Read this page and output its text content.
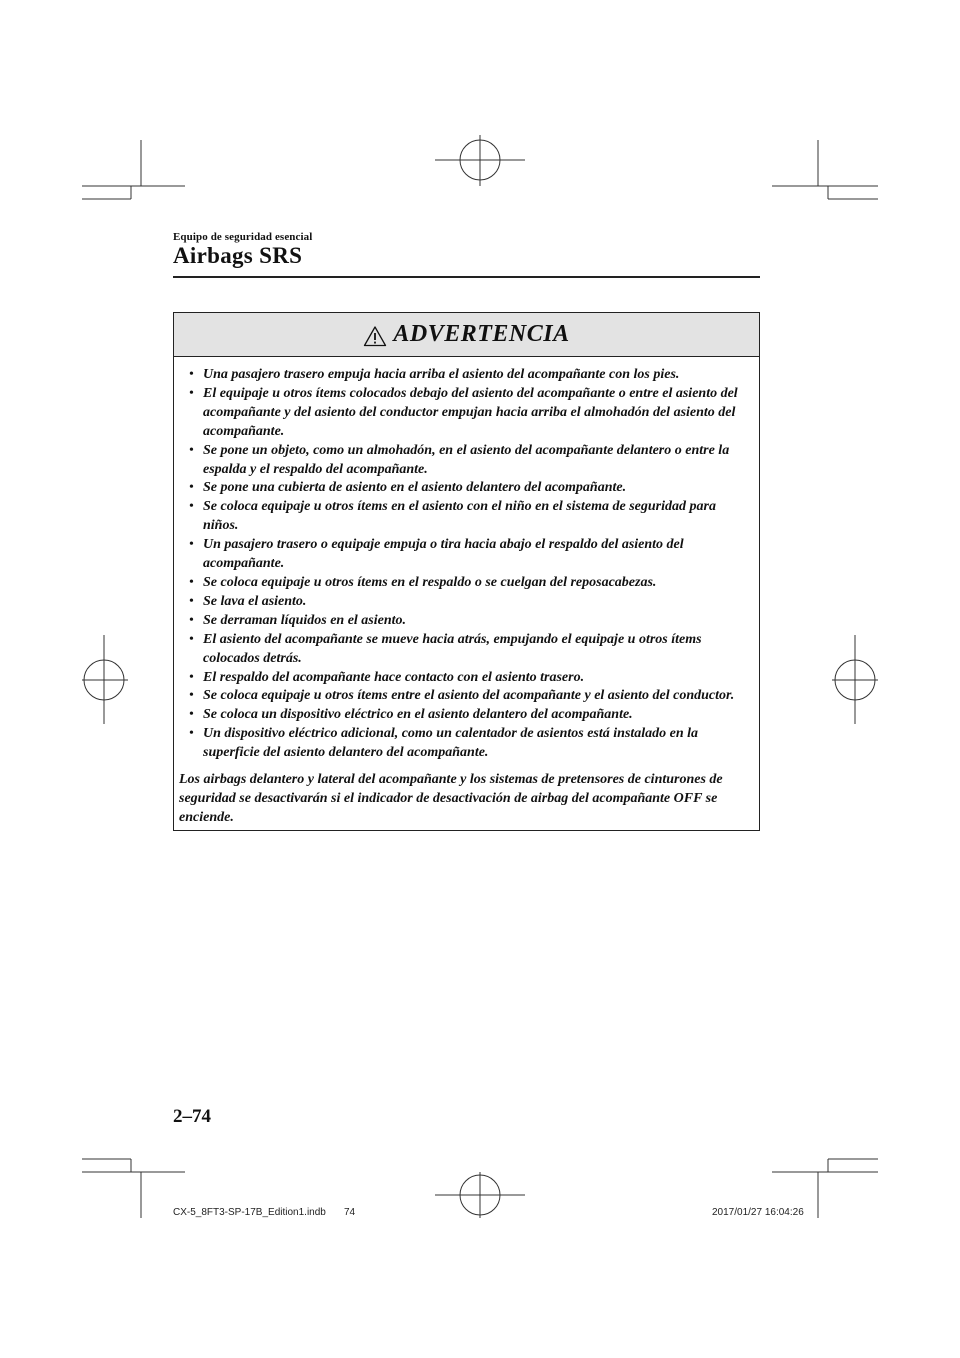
Equipo de seguridad esencial
Airbags SRS
ADVERTENCIA
• Una pasajero trasero empuja hacia arriba el asiento del acompañante con los pies.
• El equipaje u otros ítems colocados debajo del asiento del acompañante o entre el asiento del acompañante y del asiento del conductor empujan hacia arriba el almohadón del asiento del acompañante.
• Se pone un objeto, como un almohadón, en el asiento del acompañante delantero o entre la espalda y el respaldo del acompañante.
• Se pone una cubierta de asiento en el asiento delantero del acompañante.
• Se coloca equipaje u otros ítems en el asiento con el niño en el sistema de seguridad para niños.
• Un pasajero trasero o equipaje empuja o tira hacia abajo el respaldo del asiento del acompañante.
• Se coloca equipaje u otros ítems en el respaldo o se cuelgan del reposacabezas.
• Se lava el asiento.
• Se derraman líquidos en el asiento.
• El asiento del acompañante se mueve hacia atrás, empujando el equipaje u otros ítems colocados detrás.
• El respaldo del acompañante hace contacto con el asiento trasero.
• Se coloca equipaje u otros ítems entre el asiento del acompañante y el asiento del conductor.
• Se coloca un dispositivo eléctrico en el asiento delantero del acompañante.
• Un dispositivo eléctrico adicional, como un calentador de asientos está instalado en la superficie del asiento delantero del acompañante.

Los airbags delantero y lateral del acompañante y los sistemas de pretensores de cinturones de seguridad se desactivarán si el indicador de desactivación de airbag del acompañante OFF se enciende.

2–74
CX-5_8FT3-SP-17B_Edition1.indb 74	2017/01/27 16:04:26
